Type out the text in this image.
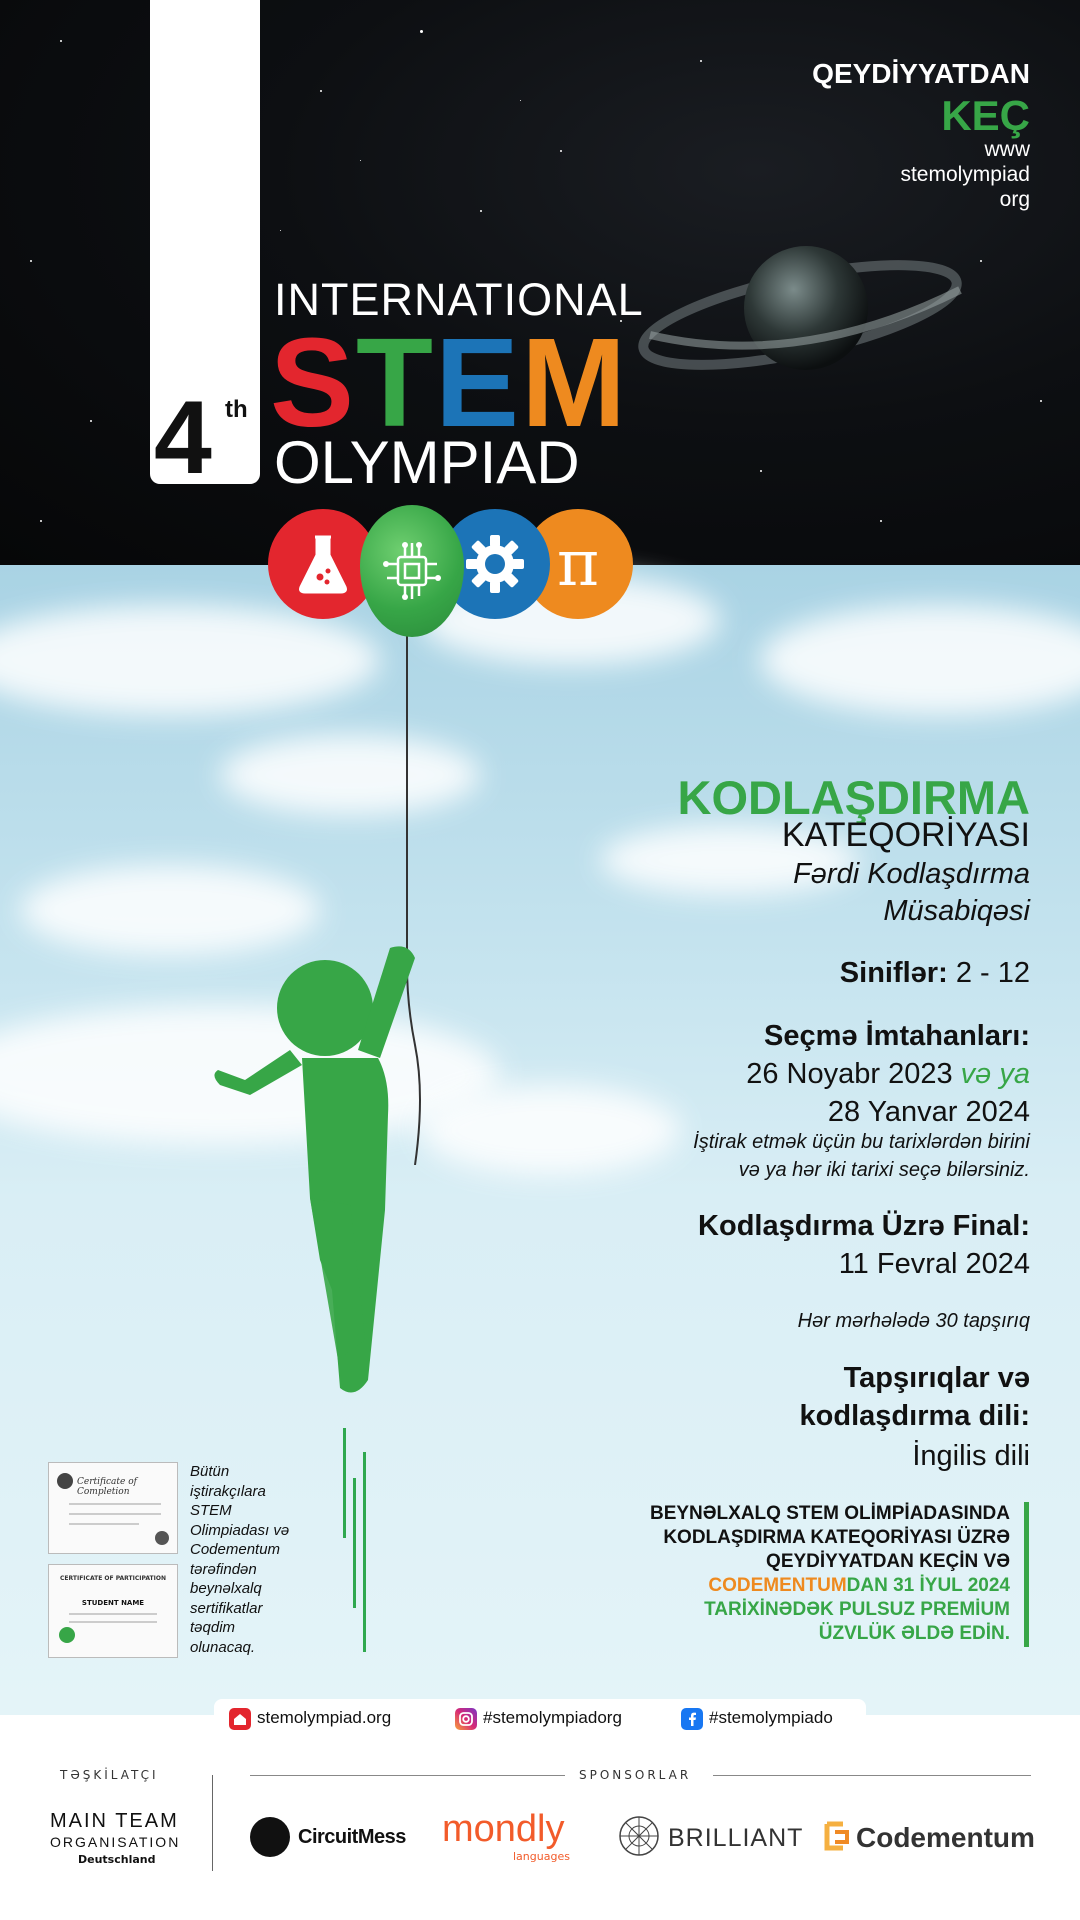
QEYDİYYATDAN

KEÇ

www

stemolympiad

org

4 th

INTERNATIONAL

STEM

OLYMPIAD

π

KODLAŞDIRMA

KATEQORİYASI

Fərdi Kodlaşdırma

Müsabiqəsi

Siniflər: 2 - 12

Seçmə İmtahanları:

26 Noyabr 2023 və ya

28 Yanvar 2024

İştirak etmək üçün bu tarixlərdən birini

və ya hər iki tarixi seçə bilərsiniz.

Kodlaşdırma Üzrə Final:

11 Fevral 2024

Hər mərhələdə 30 tapşırıq

Tapşırıqlar və

kodlaşdırma dili:

İngilis dili

BEYNƏLXALQ STEM OLİMPİADASINDA
KODLAŞDIRMA KATEQORİYASI ÜZRƏ
QEYDİYYATDAN KEÇİN VƏ
CODEMENTUMDAN 31 İYUL 2024
TARİXİNƏDƏK PULSUZ PREMİUM
ÜZVLÜK ƏLDƏ EDİN.
Certificate of Completion
CERTIFICATE OF PARTICIPATION
STUDENT NAME
Bütün
iştirakçılara
STEM
Olimpiadası və
Codementum
tərəfindən
beynəlxalq
sertifikatlar
təqdim
olunacaq.
stemolympiad.org	#stemolympiadorg	#stemolympiado

TƏŞKİLATÇI

MAIN TEAM

ORGANISATION

Deutschland

SPONSORLAR

CircuitMess mondly

languages

BRILLIANT Codementum
